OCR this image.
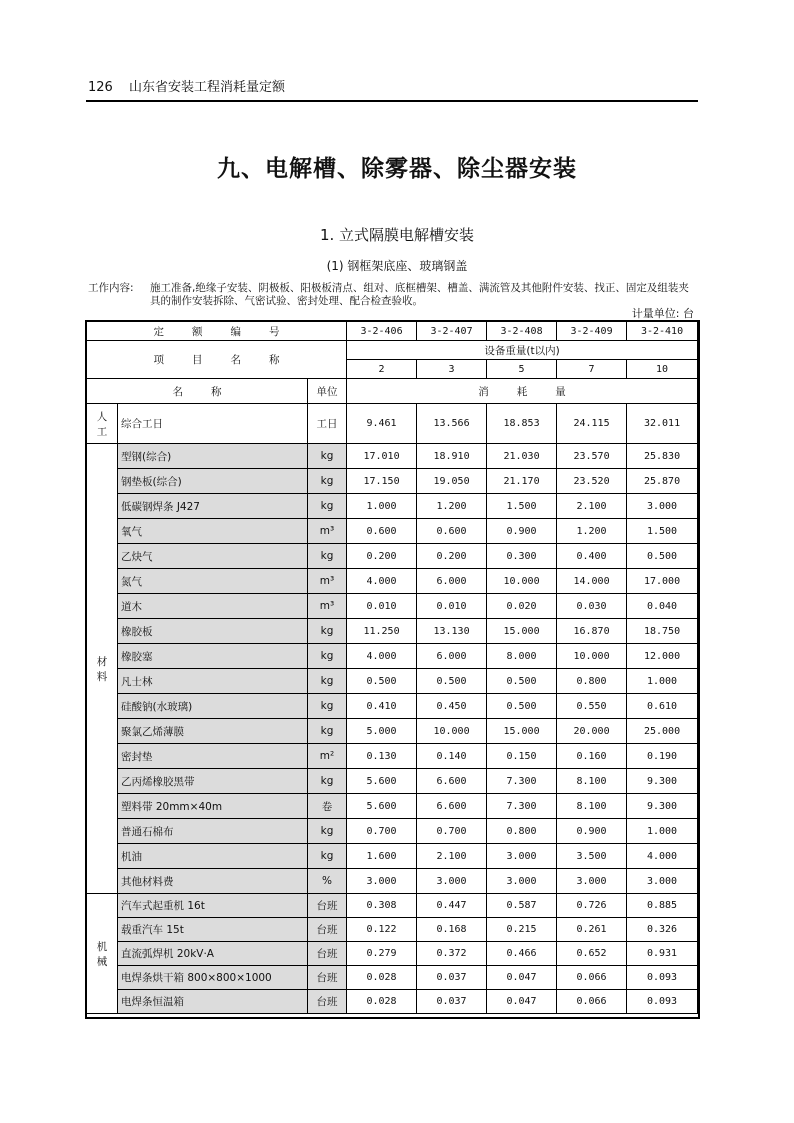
126 山东省安装工程消耗量定额
九、电解槽、除雾器、除尘器安装
1. 立式隔膜电解槽安装
(1) 钢框架底座、玻璃钢盖
工作内容: 施工准备,绝缘子安装、阴极板、阳极板清点、组对、底框槽架、槽盖、满流管及其他附件安装、找正、固定及组装夹具的制作安装拆除、气密试验、密封处理、配合检查验收。
计量单位: 台
定 额 编 号			3-2-406	3-2-407	3-2-408	3-2-409	3-2-410
项 目 名 称			设备重量(t以内)				
			2	3	5	7	10
名 称		单位	消 耗 量				

人
工	综合工日	工日	9.461	13.566	18.853	24.115	32.011

材
料	型钢(综合)	kg	17.010	18.910	21.030	23.570	25.830
	钢垫板(综合)	kg	17.150	19.050	21.170	23.520	25.870
	低碳钢焊条 J427	kg	1.000	1.200	1.500	2.100	3.000
	氧气	m³	0.600	0.600	0.900	1.200	1.500
	乙炔气	kg	0.200	0.200	0.300	0.400	0.500
	氮气	m³	4.000	6.000	10.000	14.000	17.000
	道木	m³	0.010	0.010	0.020	0.030	0.040
	橡胶板	kg	11.250	13.130	15.000	16.870	18.750
	橡胶塞	kg	4.000	6.000	8.000	10.000	12.000
	凡士林	kg	0.500	0.500	0.500	0.800	1.000
	硅酸钠(水玻璃)	kg	0.410	0.450	0.500	0.550	0.610
	聚氯乙烯薄膜	kg	5.000	10.000	15.000	20.000	25.000
	密封垫	m²	0.130	0.140	0.150	0.160	0.190
	乙丙烯橡胶黑带	kg	5.600	6.600	7.300	8.100	9.300
	塑料带 20mm×40m	卷	5.600	6.600	7.300	8.100	9.300
	普通石棉布	kg	0.700	0.700	0.800	0.900	1.000
	机油	kg	1.600	2.100	3.000	3.500	4.000
	其他材料费	%	3.000	3.000	3.000	3.000	3.000

机
械	汽车式起重机 16t	台班	0.308	0.447	0.587	0.726	0.885
	载重汽车 15t	台班	0.122	0.168	0.215	0.261	0.326
	直流弧焊机 20kV·A	台班	0.279	0.372	0.466	0.652	0.931
	电焊条烘干箱 800×800×1000	台班	0.028	0.037	0.047	0.066	0.093
	电焊条恒温箱	台班	0.028	0.037	0.047	0.066	0.093
